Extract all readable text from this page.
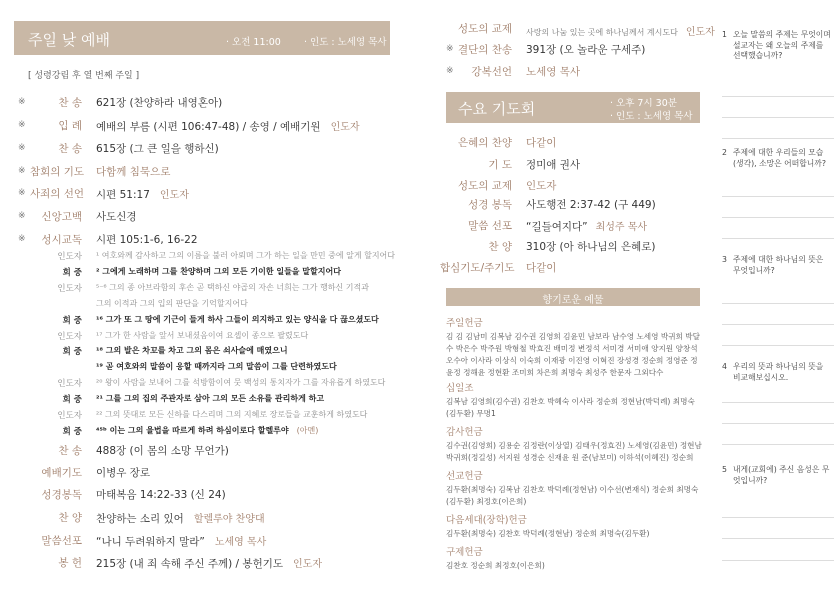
주일 낮 예배	· 오전 11:00 · 인도 : 노세영 목사
[ 성령강림 후 열 번째 주일 ]
※	찬 송 621장 (찬양하라 내영혼아)
※	입 례 예배의 부름 (시편 106:47-48) / 송영 / 예배기원 인도자
※	찬 송 615장 (그 큰 일을 행하신)
※ 참회의 기도 다함께 침묵으로
※ 사죄의 선언 시편 51:17 인도자
※	신앙고백 사도신경
※	성시교독 시편 105:1-6, 16-22
인도자 ¹ 여호와께 감사하고 그의 이름을 불러 아뢰며 그가 하는 일을 만민 중에 알게 할지어다
회 중 ² 그에게 노래하며 그를 찬양하며 그의 모든 기이한 일들을 말할지어다
인도자 ⁵⁻⁶ 그의 종 아브라함의 후손 곧 택하신 야곱의 자손 너희는 그가 행하신 기적과
그의 이적과 그의 입의 판단을 기억할지어다
회 중 ¹⁶ 그가 또 그 땅에 기근이 들게 하사 그들이 의지하고 있는 양식을 다 끊으셨도다
인도자 ¹⁷ 그가 한 사람을 앞서 보내셨음이여 요셉이 종으로 팔렸도다
회 중 ¹⁸ 그의 발은 차꼬를 차고 그의 몸은 쇠사슬에 매였으니
¹⁹ 곧 여호와의 말씀이 응할 때까지라 그의 말씀이 그를 단련하였도다
인도자 ²⁰ 왕이 사람을 보내어 그를 석방함이여 뭇 백성의 통치자가 그를 자유롭게 하였도다
회 중 ²¹ 그를 그의 집의 주관자로 삼아 그의 모든 소유를 관리하게 하고
인도자 ²² 그의 뜻대로 모든 신하를 다스리며 그의 지혜로 장로들을 교훈하게 하였도다
회 중 ⁴⁵ᵇ 이는 그의 율법을 따르게 하려 하심이로다 할렐루야 (아멘)
찬 송 488장 (이 몸의 소망 무언가)
예배기도 이병우 장로
성경봉독 마태복음 14:22-33 (신 24)
찬 양 찬양하는 소리 있어 할렐루야 찬양대
말씀선포 “나니 두려워하지 말라” 노세영 목사
봉 헌 215장 (내 죄 속해 주신 주께) / 봉헌기도 인도자
성도의 교제 사랑의 나눔 있는 곳에 하나님께서 계시도다 인도자
※ 결단의 찬송 391장 (오 놀라운 구세주)
※	강복선언 노세영 목사
수요 기도회	· 오후 7시 30분
· 인도 : 노세영 목사
은혜의 찬양 다같이
기 도 정미애 권사
성도의 교제 인도자
성경 봉독 사도행전 2:37-42 (구 449)
말씀 선포 “길들여지다” 최성주 목사
찬 양 310장 (아 하나님의 은혜로)
합심기도/주기도 다같이
향기로운 예물
주일헌금
김 김 김남미 김복남 김수권 김영희 김윤민 남보라 남수영 노세영 박귀희 박달수 박은수 박주원 박형철 박효진 배미정 변정석 서미경 서미애 양지원 양창석 오수아 이사라 이상식 이숙희 이재광 이진영 이혁진 장성경 정순희 정영준 정윤정 정해윤 정현환 조미희 차은희 최명숙 최성주 한문자 그외다수
십일조
김복남 김영희(김수권) 김찬호 박혜숙 이사라 정순희 정현남(박덕례) 최명숙(김두환) 무명1
감사헌금
김수권(김영희) 김용순 김정란(이상열) 김태우(정효진) 노세영(김윤민) 정현남 박귀희(정길성) 서지원 성경순 신재윤 원 준(남보미) 이하석(이혜진) 정순희
선교헌금
김두환(최명숙) 김복남 김찬호 박덕례(정현남) 이수선(변재식) 정순희 최명숙(김두환) 최정호(이은희)
다음세대(장학)헌금
김두환(최명숙) 김찬호 박덕례(정현남) 정순희 최명숙(김두환)
구제헌금
김찬호 정순희 최정호(이은희)
1 오늘 말씀의 주제는 무엇이며 설교자는 왜 오늘의 주제를 선택했습니까?
2 주제에 대한 우리들의 모습 (생각), 소망은 어떠합니까?
3 주제에 대한 하나님의 뜻은 무엇입니까?
4 우리의 뜻과 하나님의 뜻을 비교해보십시오.
5 내게(교회에) 주신 음성은 무엇입니까?
